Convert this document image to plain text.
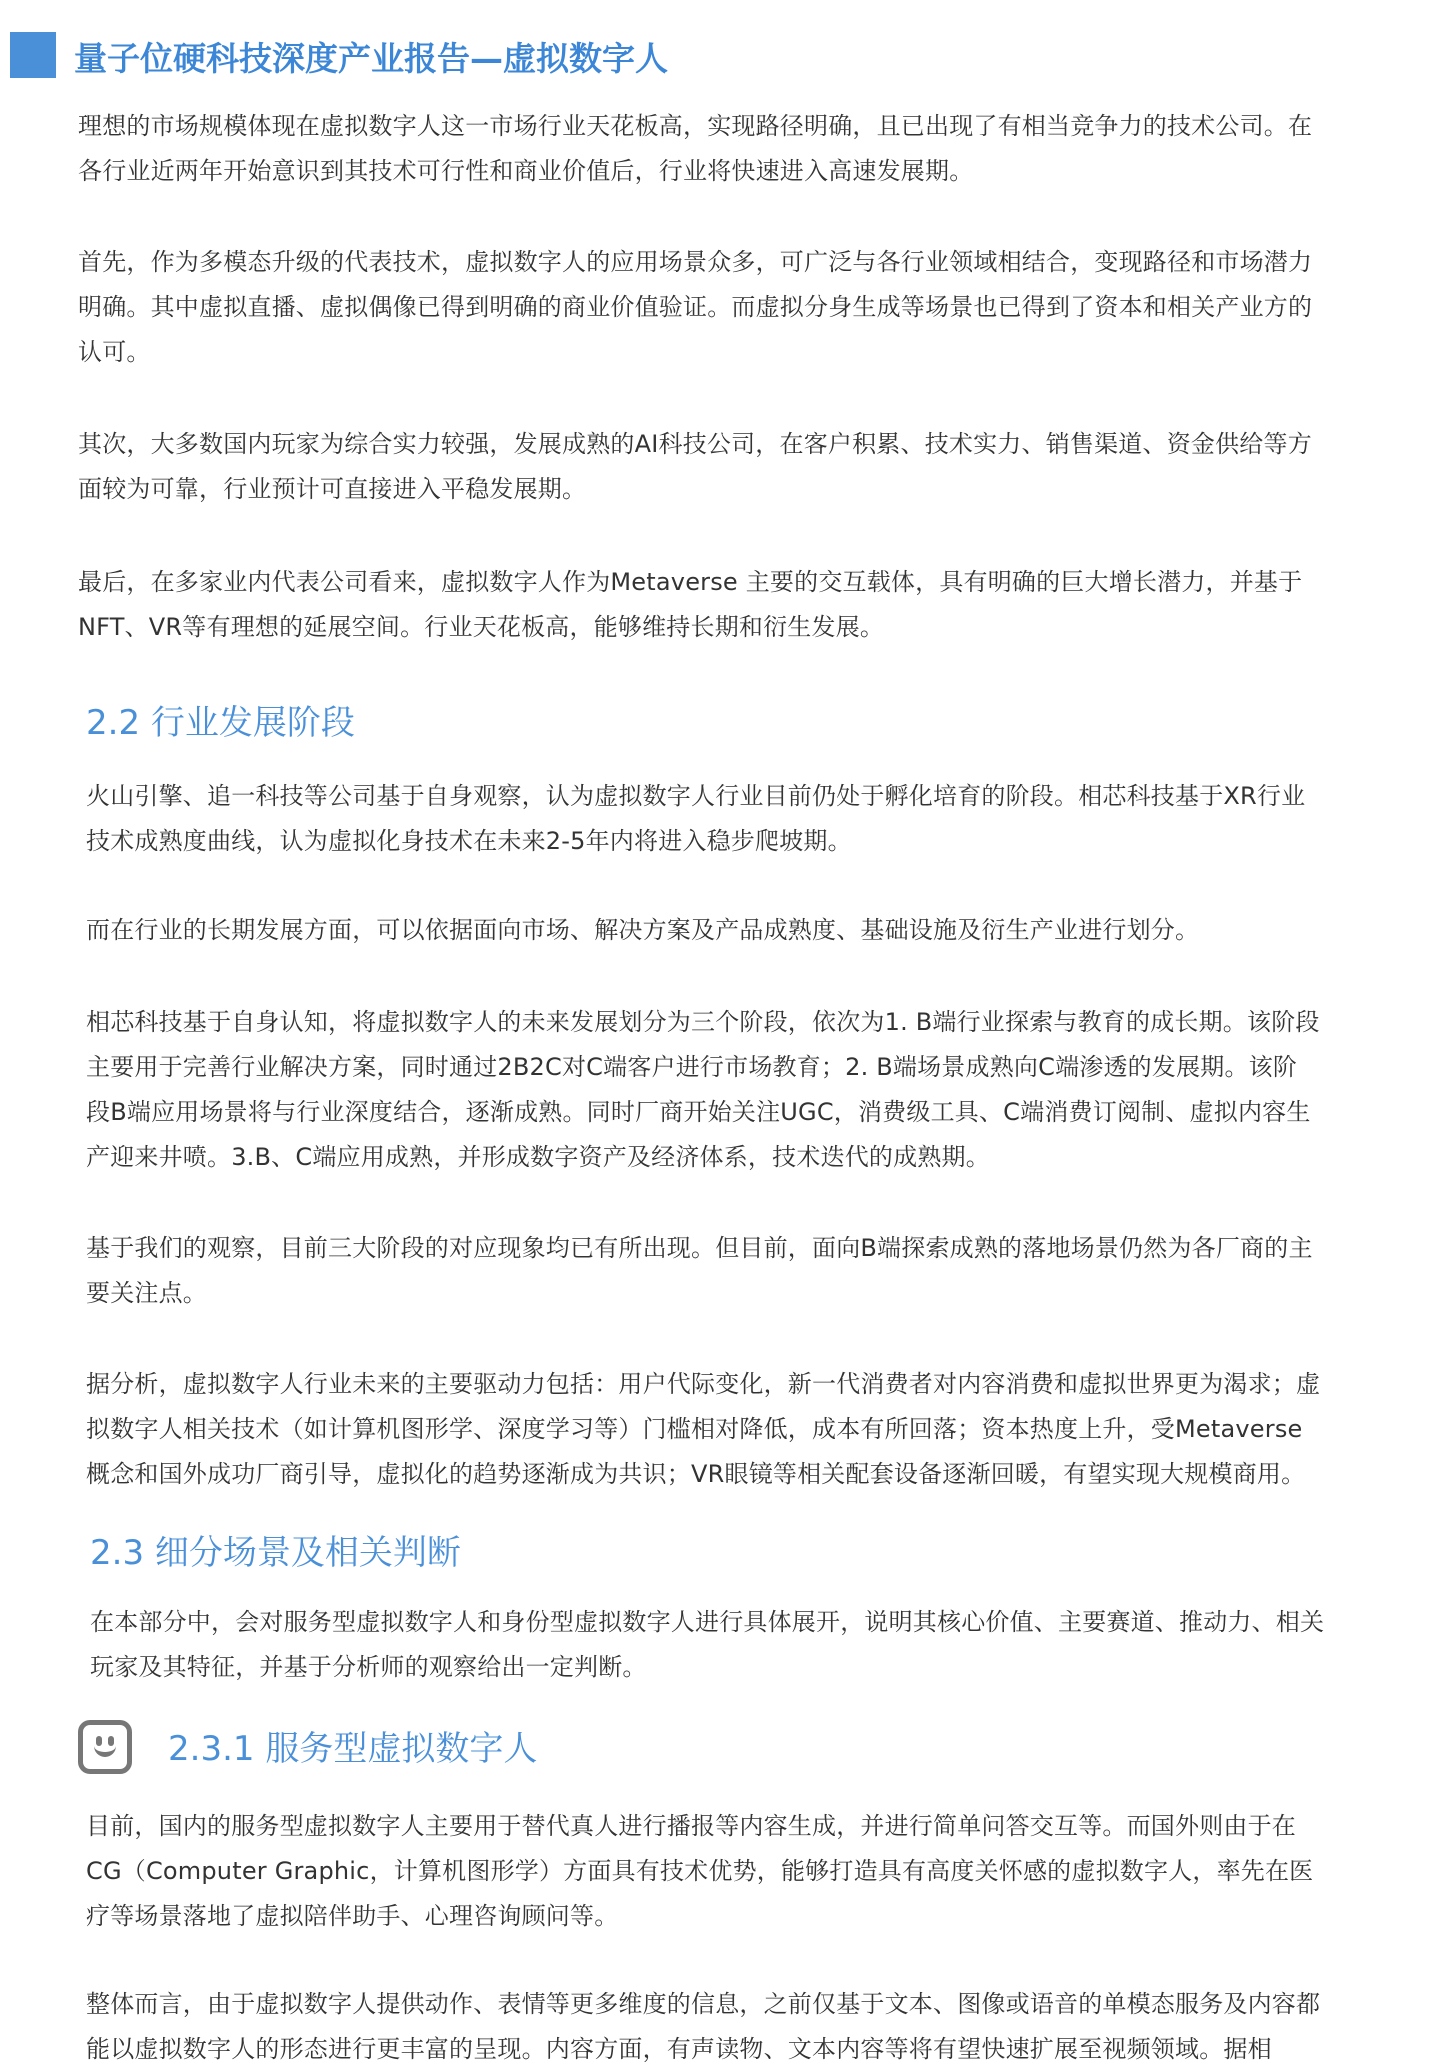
量子位硬科技深度产业报告—虚拟数字人
理想的市场规模体现在虚拟数字人这一市场行业天花板高，实现路径明确，且已出现了有相当竞争力的技术公司。在
各行业近两年开始意识到其技术可行性和商业价值后，行业将快速进入高速发展期。
首先，作为多模态升级的代表技术，虚拟数字人的应用场景众多，可广泛与各行业领域相结合，变现路径和市场潜力
明确。其中虚拟直播、虚拟偶像已得到明确的商业价值验证。而虚拟分身生成等场景也已得到了资本和相关产业方的
认可。
其次，大多数国内玩家为综合实力较强，发展成熟的AI科技公司，在客户积累、技术实力、销售渠道、资金供给等方
面较为可靠，行业预计可直接进入平稳发展期。
最后，在多家业内代表公司看来，虚拟数字人作为Metaverse 主要的交互载体，具有明确的巨大增长潜力，并基于
NFT、VR等有理想的延展空间。行业天花板高，能够维持长期和衍生发展。
2.2 行业发展阶段
火山引擎、追一科技等公司基于自身观察，认为虚拟数字人行业目前仍处于孵化培育的阶段。相芯科技基于XR行业
技术成熟度曲线，认为虚拟化身技术在未来2-5年内将进入稳步爬坡期。
而在行业的长期发展方面，可以依据面向市场、解决方案及产品成熟度、基础设施及衍生产业进行划分。
相芯科技基于自身认知，将虚拟数字人的未来发展划分为三个阶段，依次为1. B端行业探索与教育的成长期。该阶段
主要用于完善行业解决方案，同时通过2B2C对C端客户进行市场教育；2. B端场景成熟向C端渗透的发展期。该阶
段B端应用场景将与行业深度结合，逐渐成熟。同时厂商开始关注UGC，消费级工具、C端消费订阅制、虚拟内容生
产迎来井喷。3.B、C端应用成熟，并形成数字资产及经济体系，技术迭代的成熟期。
基于我们的观察，目前三大阶段的对应现象均已有所出现。但目前，面向B端探索成熟的落地场景仍然为各厂商的主
要关注点。
据分析，虚拟数字人行业未来的主要驱动力包括：用户代际变化，新一代消费者对内容消费和虚拟世界更为渴求；虚
拟数字人相关技术（如计算机图形学、深度学习等）门槛相对降低，成本有所回落；资本热度上升，受Metaverse
概念和国外成功厂商引导，虚拟化的趋势逐渐成为共识；VR眼镜等相关配套设备逐渐回暖，有望实现大规模商用。
2.3 细分场景及相关判断
在本部分中，会对服务型虚拟数字人和身份型虚拟数字人进行具体展开，说明其核心价值、主要赛道、推动力、相关
玩家及其特征，并基于分析师的观察给出一定判断。
2.3.1 服务型虚拟数字人
目前，国内的服务型虚拟数字人主要用于替代真人进行播报等内容生成，并进行简单问答交互等。而国外则由于在
CG（Computer Graphic，计算机图形学）方面具有技术优势，能够打造具有高度关怀感的虚拟数字人，率先在医
疗等场景落地了虚拟陪伴助手、心理咨询顾问等。
整体而言，由于虚拟数字人提供动作、表情等更多维度的信息，之前仅基于文本、图像或语音的单模态服务及内容都
能以虚拟数字人的形态进行更丰富的呈现。内容方面，有声读物、文本内容等将有望快速扩展至视频领域。据相
